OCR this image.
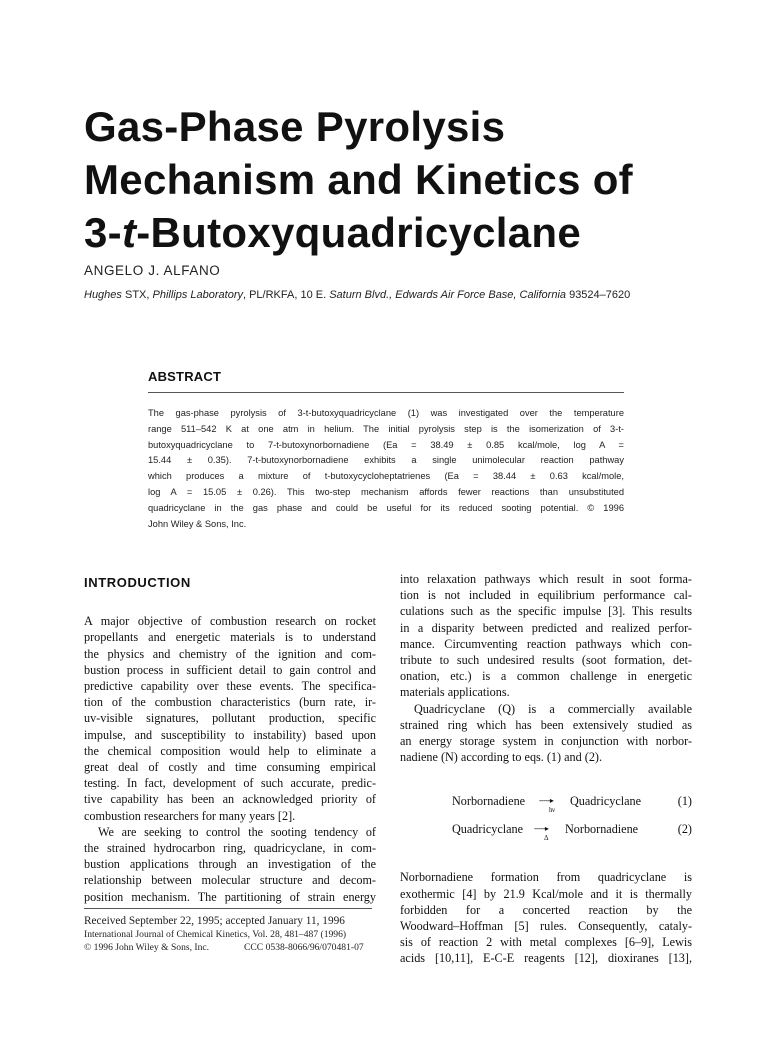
Gas-Phase Pyrolysis
Mechanism and Kinetics of
3-t-Butoxyquadricyclane
ANGELO J. ALFANO
Hughes STX, Phillips Laboratory, PL/RKFA, 10 E. Saturn Blvd., Edwards Air Force Base, California 93524–7620
ABSTRACT
The gas-phase pyrolysis of 3-t-butoxyquadricyclane (1) was investigated over the temperature
range 511–542 K at one atm in helium. The initial pyrolysis step is the isomerization of 3-t-
butoxyquadricyclane to 7-t-butoxynorbornadiene (Ea = 38.49 ± 0.85 kcal/mole, log A =
15.44 ± 0.35). 7-t-butoxynorbornadiene exhibits a single unimolecular reaction pathway
which produces a mixture of t-butoxycycloheptatrienes (Ea = 38.44 ± 0.63 kcal/mole,
log A = 15.05 ± 0.26). This two-step mechanism affords fewer reactions than unsubstituted
quadricyclane in the gas phase and could be useful for its reduced sooting potential. © 1996
John Wiley & Sons, Inc.
INTRODUCTION
A major objective of combustion research on rocket
propellants and energetic materials is to understand
the physics and chemistry of the ignition and com-
bustion process in sufficient detail to gain control and
predictive capability over these events. The specifica-
tion of the combustion characteristics (burn rate, ir-
uv-visible signatures, pollutant production, specific
impulse, and susceptibility to instability) based upon
the chemical composition would help to eliminate a
great deal of costly and time consuming empirical
testing. In fact, development of such accurate, predic-
tive capability has been an acknowledged priority of
combustion researchers for many years [2].
We are seeking to control the sooting tendency of
the strained hydrocarbon ring, quadricyclane, in com-
bustion applications through an investigation of the
relationship between molecular structure and decom-
position mechanism. The partitioning of strain energy
into relaxation pathways which result in soot forma-
tion is not included in equilibrium performance cal-
culations such as the specific impulse [3]. This results
in a disparity between predicted and realized perfor-
mance. Circumventing reaction pathways which con-
tribute to such undesired results (soot formation, det-
onation, etc.) is a common challenge in energetic
materials applications.
Quadricyclane (Q) is a commercially available
strained ring which has been extensively studied as
an energy storage system in conjunction with norbor-
nadiene (N) according to eqs. (1) and (2).
Norbornadiene -----▸
hν
Quadricyclane	(1)
Quadricyclane -----▸
Δ
Norbornadiene	(2)
Norbornadiene formation from quadricyclane is
exothermic [4] by 21.9 Kcal/mole and it is thermally
forbidden for a concerted reaction by the
Woodward–Hoffman [5] rules. Consequently, cataly-
sis of reaction 2 with metal complexes [6–9], Lewis
acids [10,11], E-C-E reagents [12], dioxiranes [13],
Received September 22, 1995; accepted January 11, 1996
International Journal of Chemical Kinetics, Vol. 28, 481–487 (1996)
© 1996 John Wiley & Sons, Inc.	CCC 0538-8066/96/070481-07
